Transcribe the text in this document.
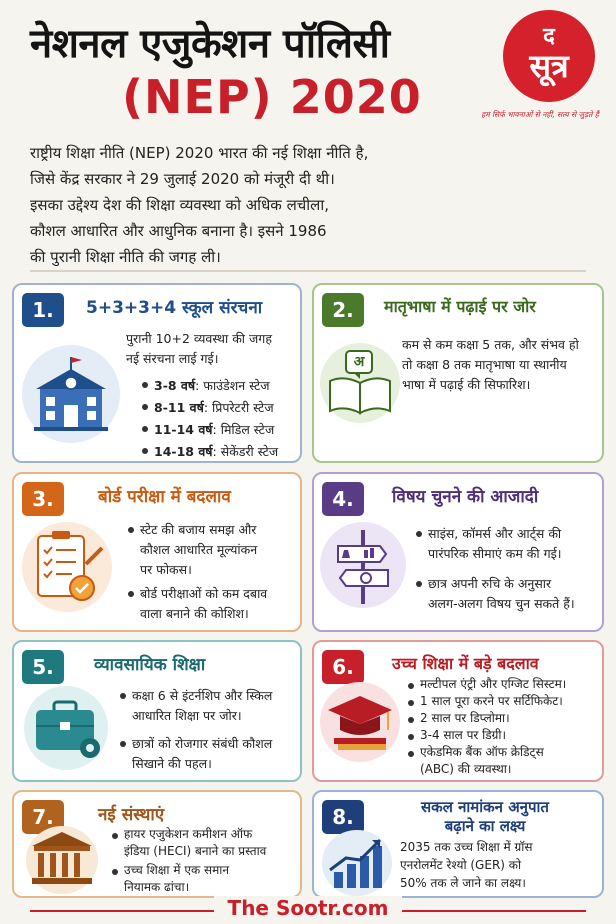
नेशनल एजुकेशन पॉलिसी
(NEP) 2020
द
सूत्र
हम सिर्फ भावनाओं से नहीं, सत्य से जुड़ते हैं
राष्ट्रीय शिक्षा नीति (NEP) 2020 भारत की नई शिक्षा नीति है,
जिसे केंद्र सरकार ने 29 जुलाई 2020 को मंजूरी दी थी।
इसका उद्देश्य देश की शिक्षा व्यवस्था को अधिक लचीला,
कौशल आधारित और आधुनिक बनाना है। इसने 1986
की पुरानी शिक्षा नीति की जगह ली।
1.	5+3+3+4 स्कूल संरचना
पुरानी 10+2 व्यवस्था की जगह
नई संरचना लाई गई।
3-8 वर्ष: फाउंडेशन स्टेज
8-11 वर्ष: प्रिपरेटरी स्टेज
11-14 वर्ष: मिडिल स्टेज
14-18 वर्ष: सेकेंडरी स्टेज
2.	मातृभाषा में पढ़ाई पर जोर
अ
कम से कम कक्षा 5 तक, और संभव हो
तो कक्षा 8 तक मातृभाषा या स्थानीय
भाषा में पढ़ाई की सिफारिश।
3.	बोर्ड परीक्षा में बदलाव
स्टेट की बजाय समझ और
कौशल आधारित मूल्यांकन
पर फोकस।
बोर्ड परीक्षाओं को कम दबाव
वाला बनाने की कोशिश।
4.	विषय चुनने की आजादी
साइंस, कॉमर्स और आर्ट्स की
पारंपरिक सीमाएं कम की गई।
छात्र अपनी रुचि के अनुसार
अलग-अलग विषय चुन सकते हैं।
5.	व्यावसायिक शिक्षा
कक्षा 6 से इंटर्नशिप और स्किल
आधारित शिक्षा पर जोर।
छात्रों को रोजगार संबंधी कौशल
सिखाने की पहल।
6.	उच्च शिक्षा में बड़े बदलाव
मल्टीपल एंट्री और एग्जिट सिस्टम।
1 साल पूरा करने पर सर्टिफिकेट।
2 साल पर डिप्लोमा।
3-4 साल पर डिग्री।
एकेडमिक बैंक ऑफ क्रेडिट्स
(ABC) की व्यवस्था।
7.	नई संस्थाएं
हायर एजुकेशन कमीशन ऑफ
इंडिया (HECI) बनाने का प्रस्ताव
उच्च शिक्षा में एक समान
नियामक ढांचा।
8.	सकल नामांकन अनुपात
बढ़ाने का लक्ष्य
2035 तक उच्च शिक्षा में ग्रॉस
एनरोलमेंट रेश्यो (GER) को
50% तक ले जाने का लक्ष्य।
The Sootr.com
